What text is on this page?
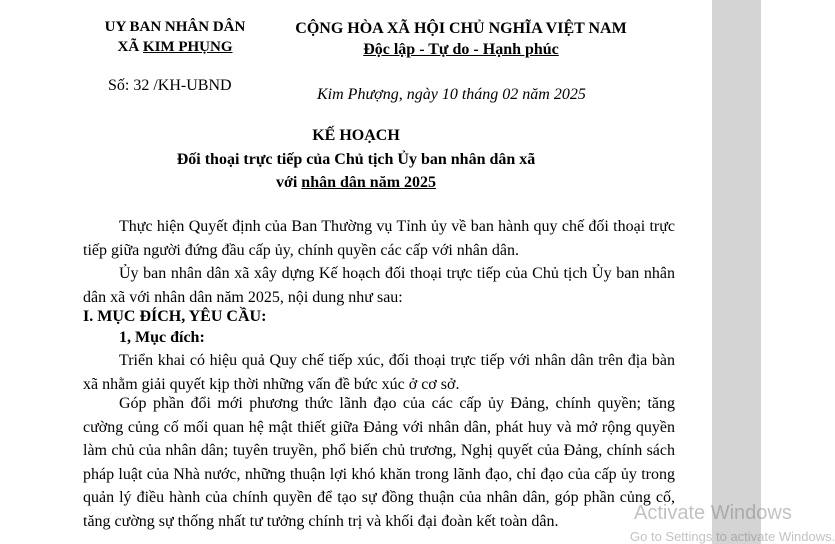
UY BAN NHÂN DÂN
XÃ KIM PHỤNG
Số: 32 /KH-UBND
CỘNG HÒA XÃ HỘI CHỦ NGHĨA VIỆT NAM
Độc lập - Tự do - Hạnh phúc
Kim Phượng, ngày 10 tháng 02 năm 2025
KẾ HOẠCH
Đối thoại trực tiếp của Chủ tịch Ủy ban nhân dân xã
với nhân dân năm 2025
Thực hiện Quyết định của Ban Thường vụ Tỉnh ủy về ban hành quy chế đối thoại trực tiếp giữa người đứng đầu cấp ủy, chính quyền các cấp với nhân dân.
Ủy ban nhân dân xã xây dựng Kế hoạch đối thoại trực tiếp của Chủ tịch Ủy ban nhân dân xã với nhân dân năm 2025, nội dung như sau:
I. MỤC ĐÍCH, YÊU CẦU:
1, Mục đích:
Triển khai có hiệu quả Quy chế tiếp xúc, đối thoại trực tiếp với nhân dân trên địa bàn xã nhằm giải quyết kịp thời những vấn đề bức xúc ở cơ sở.
Góp phần đổi mới phương thức lãnh đạo của các cấp ủy Đảng, chính quyền; tăng cường củng cố mối quan hệ mật thiết giữa Đảng với nhân dân, phát huy và mở rộng quyền làm chủ của nhân dân; tuyên truyền, phổ biến chủ trương, Nghị quyết của Đảng, chính sách pháp luật của Nhà nước, những thuận lợi khó khăn trong lãnh đạo, chỉ đạo của cấp ủy trong quản lý điều hành của chính quyền để tạo sự đồng thuận của nhân dân, góp phần củng cố, tăng cường sự thống nhất tư tưởng chính trị và khối đại đoàn kết toàn dân.	Activate Windows
Go to Settings to activate Windows.
